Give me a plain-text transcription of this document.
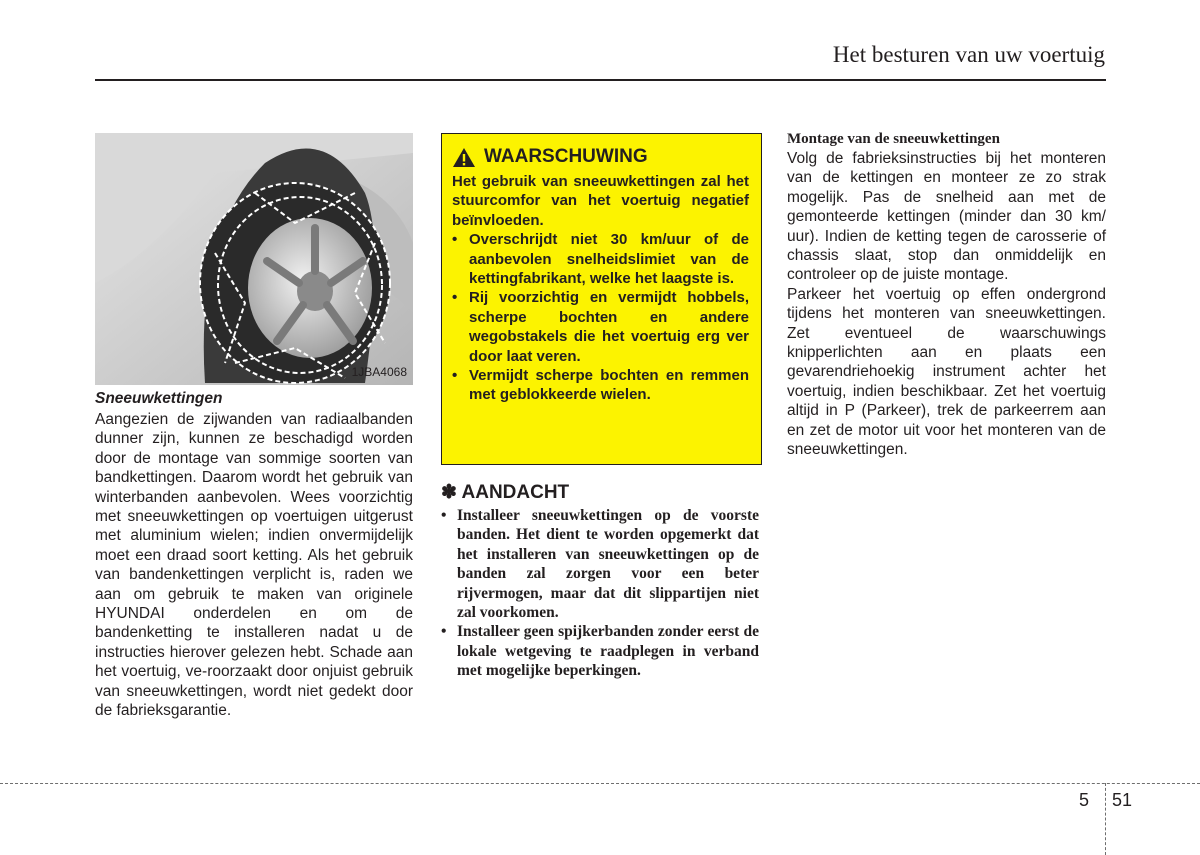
Het besturen van uw voertuig
1JBA4068
Sneeuwkettingen
Aangezien de zijwanden van radiaalbanden dunner zijn, kunnen ze beschadigd worden door de montage van sommige soorten van bandkettingen. Daarom wordt het gebruik van winterbanden aanbevolen. Wees voorzichtig met sneeuwkettingen op voertuigen uitgerust met aluminium wielen; indien onvermijdelijk moet een draad soort ketting. Als het gebruik van bandenkettingen verplicht is, raden we aan om gebruik te maken van originele HYUNDAI onderdelen en om de bandenketting te installeren nadat u de instructies hierover gelezen hebt. Schade aan het voertuig, ve-roorzaakt door onjuist gebruik van sneeuwkettingen, wordt niet gedekt door de fabrieksgarantie.
WAARSCHUWING
Het gebruik van sneeuwkettingen zal het stuurcomfor van het voertuig negatief beïnvloeden.
• Overschrijdt niet 30 km/uur of de aanbevolen snelheidslimiet van de kettingfabrikant, welke het laagste is.
• Rij voorzichtig en vermijdt hobbels, scherpe bochten en andere wegobstakels die het voertuig erg ver door laat veren.
• Vermijdt scherpe bochten en remmen met geblokkeerde wielen.
✽ AANDACHT
• Installeer sneeuwkettingen op de voorste banden. Het dient te worden opgemerkt dat het installeren van sneeuwkettingen op de banden zal zorgen voor een beter rijvermogen, maar dat dit slippartijen niet zal voorkomen.
• Installeer geen spijkerbanden zonder eerst de lokale wetgeving te raadplegen in verband met mogelijke beperkingen.
Montage van de sneeuwkettingen

Volg de fabrieksinstructies bij het monteren van de kettingen en monteer ze zo strak mogelijk. Pas de snelheid aan met de gemonteerde kettingen (minder dan 30 km/ uur). Indien de ketting tegen de carosserie of chassis slaat, stop dan onmiddelijk en controleer op de juiste montage.

Parkeer het voertuig op effen ondergrond tijdens het monteren van sneeuwkettingen. Zet eventueel de waarschuwings knipperlichten aan en plaats een gevarendriehoekig instrument achter het voertuig, indien beschikbaar. Zet het voertuig altijd in P (Parkeer), trek de parkeerrem aan en zet de motor uit voor het monteren van de sneeuwkettingen.

5 51
